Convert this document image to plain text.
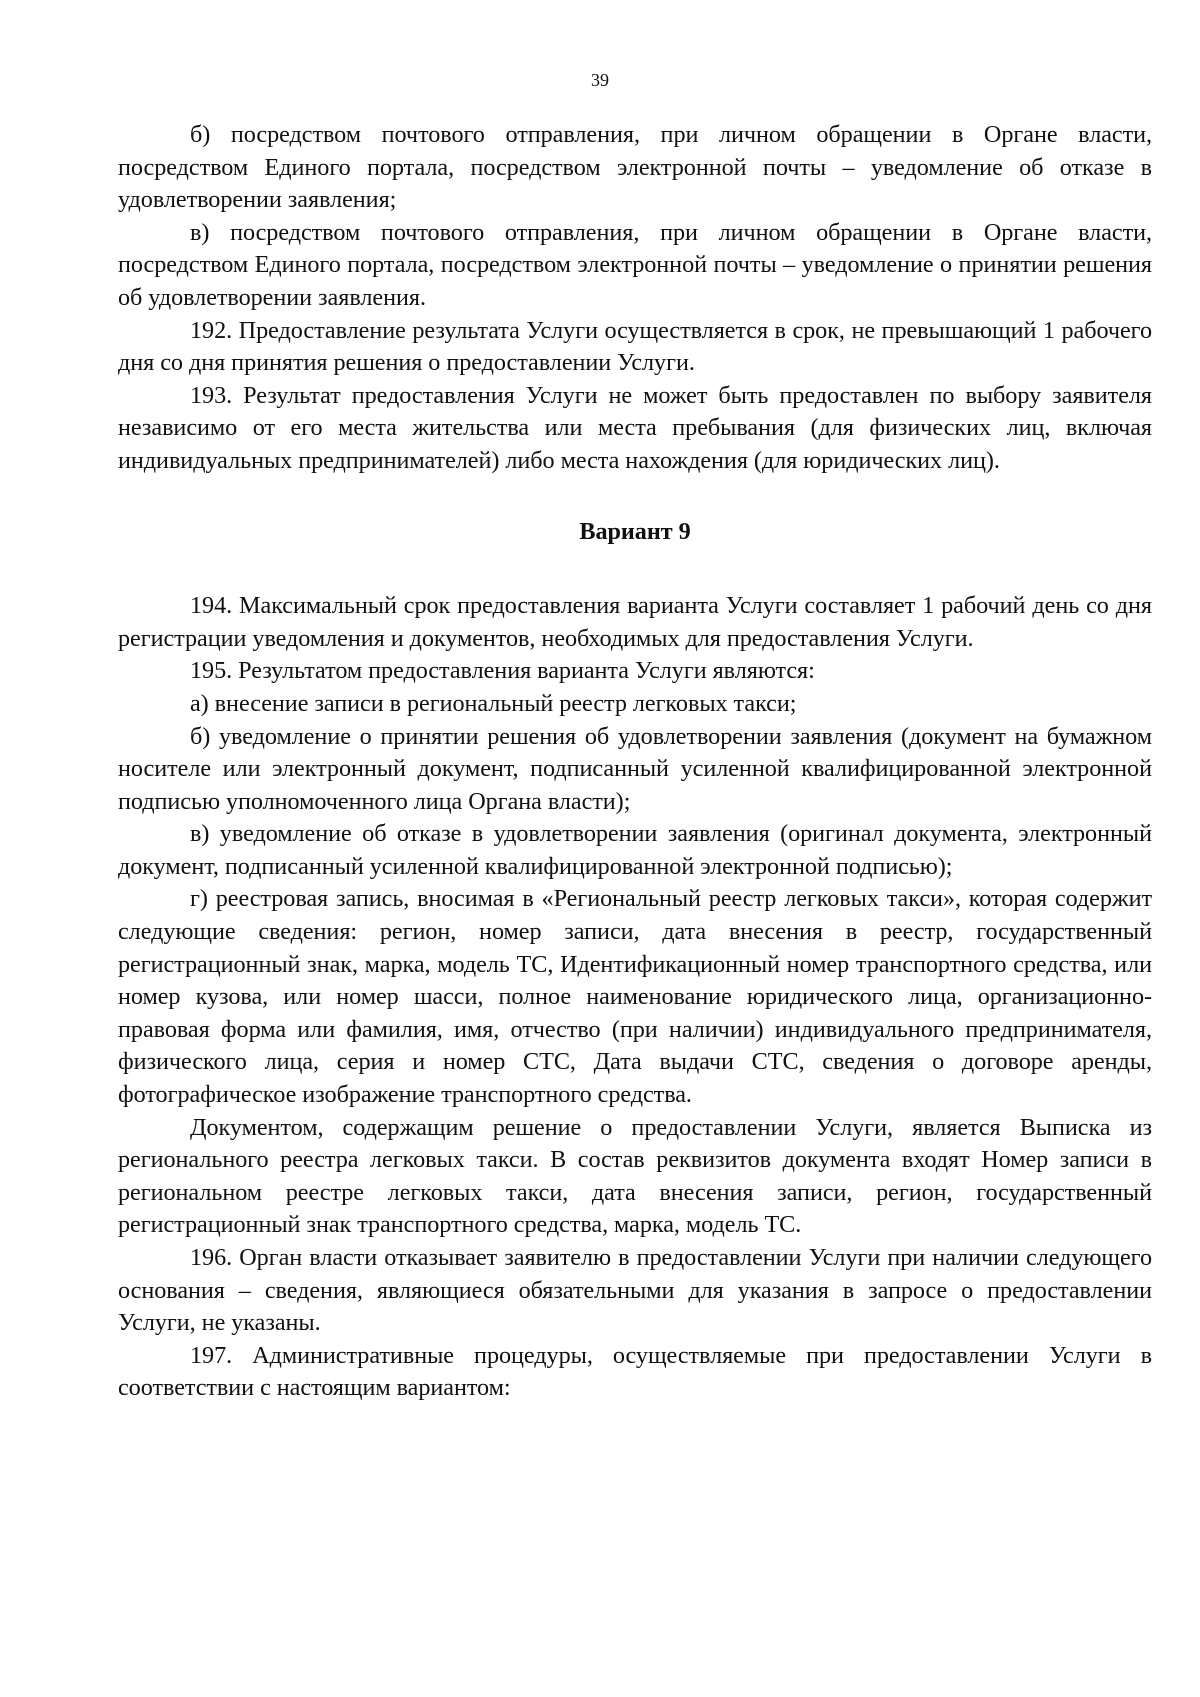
39

б) посредством почтового отправления, при личном обращении в Органе власти, посредством Единого портала, посредством электронной почты – уведомление об отказе в удовлетворении заявления;

в) посредством почтового отправления, при личном обращении в Органе власти, посредством Единого портала, посредством электронной почты – уведомление о принятии решения об удовлетворении заявления.

192. Предоставление результата Услуги осуществляется в срок, не превышающий 1 рабочего дня со дня принятия решения о предоставлении Услуги.

193. Результат предоставления Услуги не может быть предоставлен по выбору заявителя независимо от его места жительства или места пребывания (для физических лиц, включая индивидуальных предпринимателей) либо места нахождения (для юридических лиц).

Вариант 9

194. Максимальный срок предоставления варианта Услуги составляет 1 рабочий день со дня регистрации уведомления и документов, необходимых для предоставления Услуги.

195. Результатом предоставления варианта Услуги являются:

а) внесение записи в региональный реестр легковых такси;

б) уведомление о принятии решения об удовлетворении заявления (документ на бумажном носителе или электронный документ, подписанный усиленной квалифицированной электронной подписью уполномоченного лица Органа власти);

в) уведомление об отказе в удовлетворении заявления (оригинал документа, электронный документ, подписанный усиленной квалифицированной электронной подписью);

г) реестровая запись, вносимая в «Региональный реестр легковых такси», которая содержит следующие сведения: регион, номер записи, дата внесения в реестр, государственный регистрационный знак, марка, модель ТС, Идентификационный номер транспортного средства, или номер кузова, или номер шасси, полное наименование юридического лица, организационно-правовая форма или фамилия, имя, отчество (при наличии) индивидуального предпринимателя, физического лица, серия и номер СТС, Дата выдачи СТС, сведения о договоре аренды, фотографическое изображение транспортного средства.

Документом, содержащим решение о предоставлении Услуги, является Выписка из регионального реестра легковых такси. В состав реквизитов документа входят Номер записи в региональном реестре легковых такси, дата внесения записи, регион, государственный регистрационный знак транспортного средства, марка, модель ТС.

196. Орган власти отказывает заявителю в предоставлении Услуги при наличии следующего основания – сведения, являющиеся обязательными для указания в запросе о предоставлении Услуги, не указаны.

197. Административные процедуры, осуществляемые при предоставлении Услуги в соответствии с настоящим вариантом:
